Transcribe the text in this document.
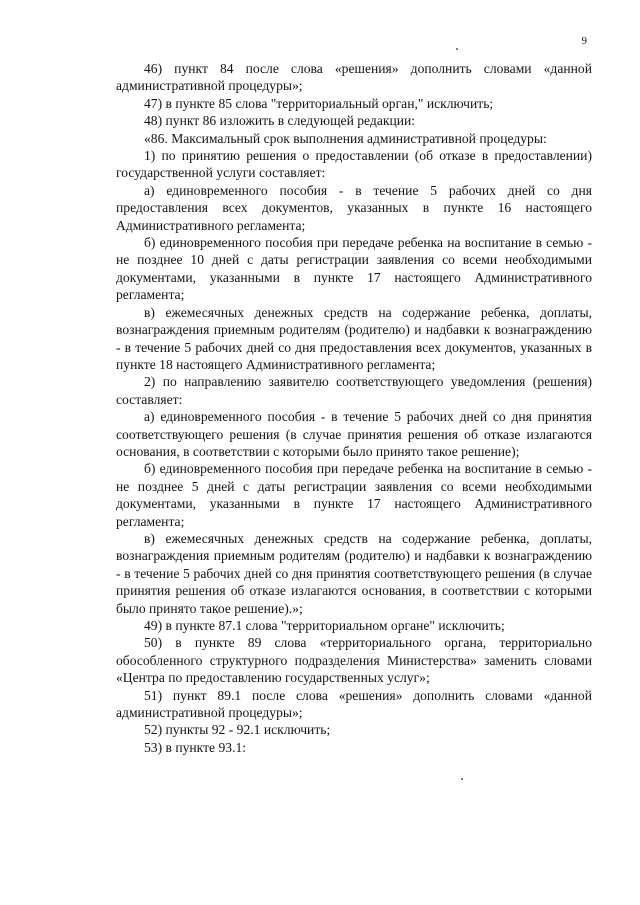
9

46) пункт 84 после слова «решения» дополнить словами «данной административной процедуры»;

47) в пункте 85 слова "территориальный орган," исключить;

48) пункт 86 изложить в следующей редакции:

«86. Максимальный срок выполнения административной процедуры:

1) по принятию решения о предоставлении (об отказе в предоставлении) государственной услуги составляет:

а) единовременного пособия - в течение 5 рабочих дней со дня предоставления всех документов, указанных в пункте 16 настоящего Административного регламента;

б) единовременного пособия при передаче ребенка на воспитание в семью - не позднее 10 дней с даты регистрации заявления со всеми необходимыми документами, указанными в пункте 17 настоящего Административного регламента;

в) ежемесячных денежных средств на содержание ребенка, доплаты, вознаграждения приемным родителям (родителю) и надбавки к вознаграждению - в течение 5 рабочих дней со дня предоставления всех документов, указанных в пункте 18 настоящего Административного регламента;

2) по направлению заявителю соответствующего уведомления (решения) составляет:

а) единовременного пособия - в течение 5 рабочих дней со дня принятия соответствующего решения (в случае принятия решения об отказе излагаются основания, в соответствии с которыми было принято такое решение);

б) единовременного пособия при передаче ребенка на воспитание в семью - не позднее 5 дней с даты регистрации заявления со всеми необходимыми документами, указанными в пункте 17 настоящего Административного регламента;

в) ежемесячных денежных средств на содержание ребенка, доплаты, вознаграждения приемным родителям (родителю) и надбавки к вознаграждению - в течение 5 рабочих дней со дня принятия соответствующего решения (в случае принятия решения об отказе излагаются основания, в соответствии с которыми было принято такое решение).»;

49) в пункте 87.1 слова "территориальном органе" исключить;

50) в пункте 89 слова «территориального органа, территориально обособленного структурного подразделения Министерства» заменить словами «Центра по предоставлению государственных услуг»;

51) пункт 89.1 после слова «решения» дополнить словами «данной административной процедуры»;

52) пункты 92 - 92.1 исключить;

53) в пункте 93.1:
